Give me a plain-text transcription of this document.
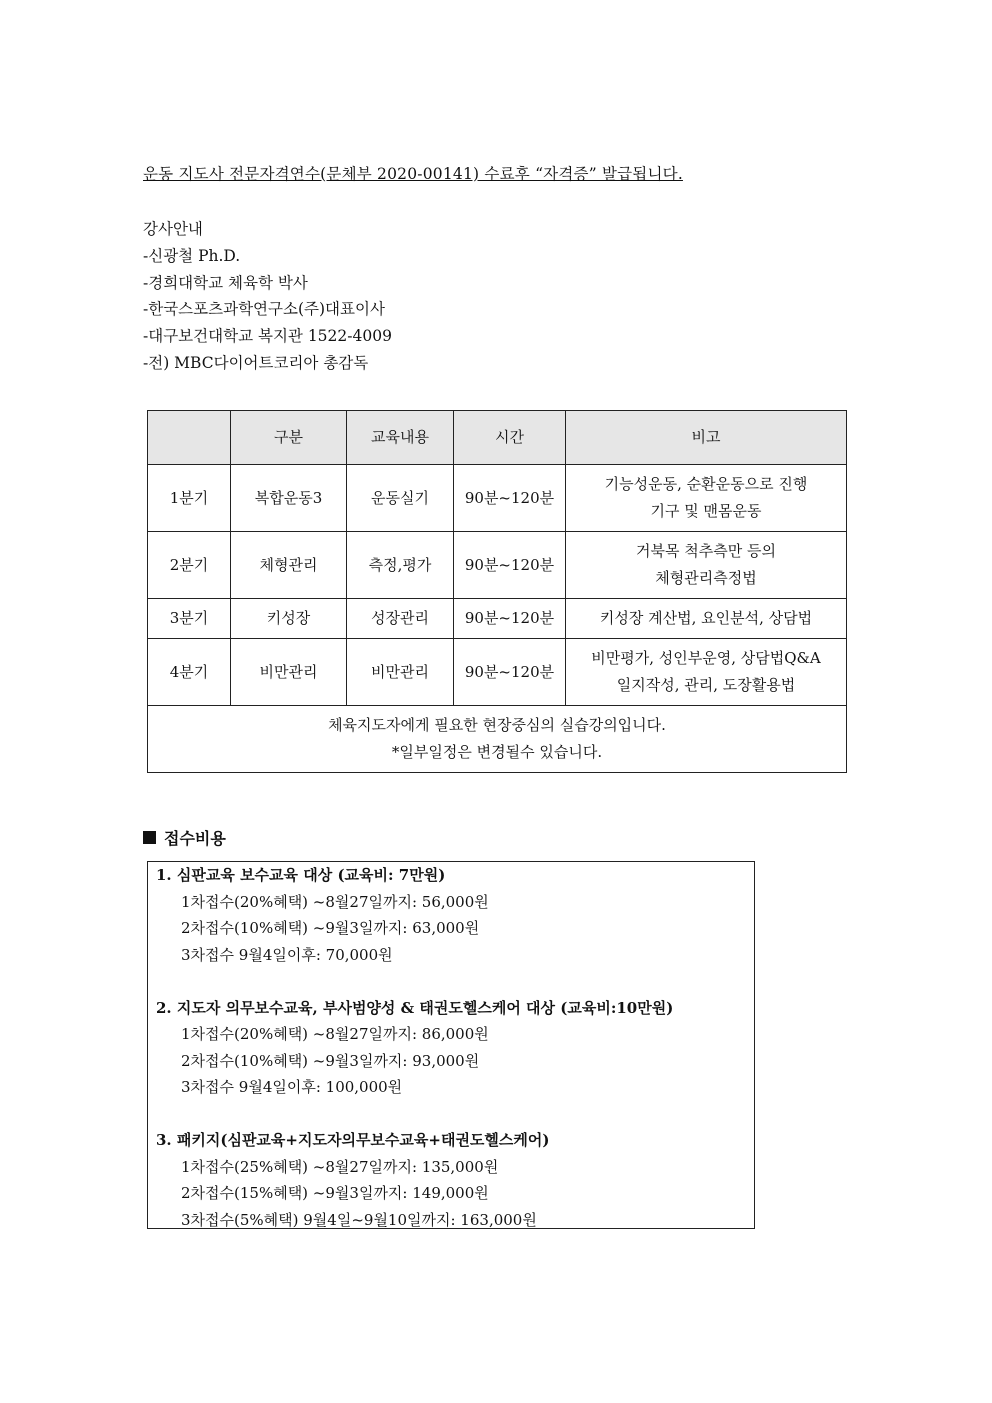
운동 지도사 전문자격연수(문체부 2020-00141) 수료후 “자격증” 발급됩니다.
강사안내
-신광철 Ph.D.
-경희대학교 체육학 박사
-한국스포츠과학연구소(주)대표이사
-대구보건대학교 복지관 1522-4009
-전) MBC다이어트코리아 총감독
	구분	교육내용	시간	비고
1분기	복합운동3	운동실기	90분~120분	기능성운동, 순환운동으로 진행
기구 및 맨몸운동

2분기	체형관리	측정,평가	90분~120분	거북목 척추측만 등의
체형관리측정법

3분기	키성장	성장관리	90분~120분	키성장 계산법, 요인분석, 상담법

4분기	비만관리	비만관리	90분~120분	비만평가, 성인부운영, 상담법Q&A
일지작성, 관리, 도장활용법

체육지도자에게 필요한 현장중심의 실습강의입니다.
*일부일정은 변경될수 있습니다.				
접수비용
1. 심판교육 보수교육 대상 (교육비: 7만원)
1차접수(20%혜택) ~8월27일까지: 56,000원
2차접수(10%혜택) ~9월3일까지: 63,000원
3차접수 9월4일이후: 70,000원
2. 지도자 의무보수교육, 부사범양성 & 태권도헬스케어 대상 (교육비:10만원)
1차접수(20%혜택) ~8월27일까지: 86,000원
2차접수(10%혜택) ~9월3일까지: 93,000원
3차접수 9월4일이후: 100,000원
3. 패키지(심판교육+지도자의무보수교육+태권도헬스케어)
1차접수(25%혜택) ~8월27일까지: 135,000원
2차접수(15%혜택) ~9월3일까지: 149,000원
3차접수(5%혜택) 9월4일~9월10일까지: 163,000원
